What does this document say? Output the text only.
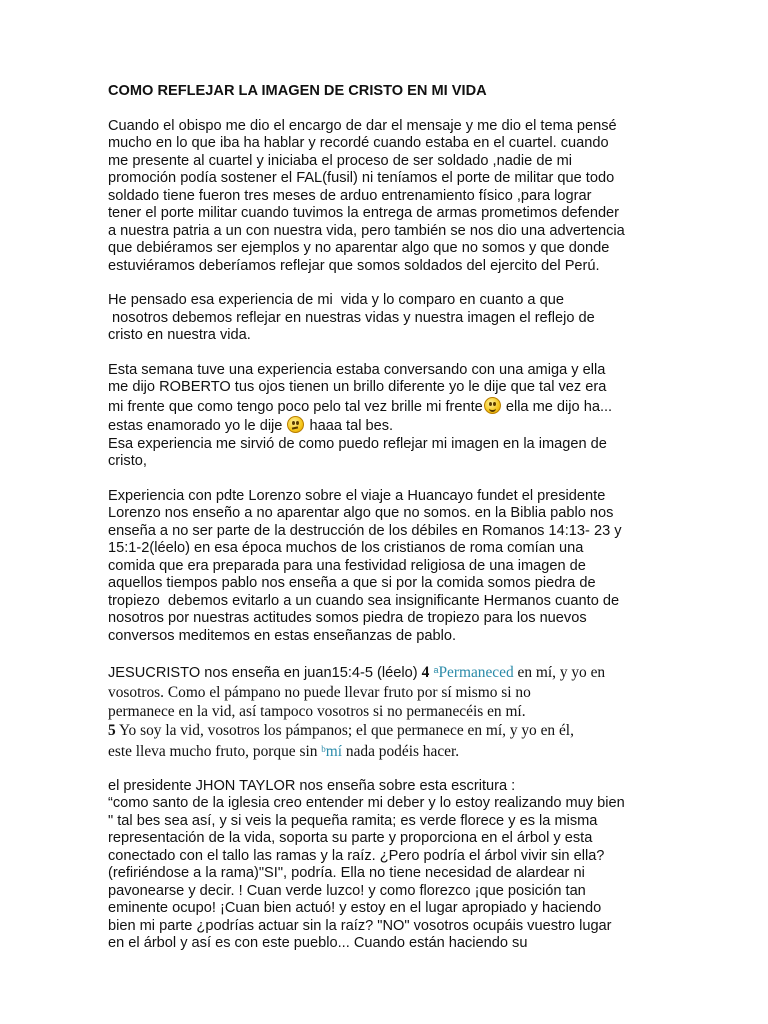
COMO REFLEJAR LA IMAGEN DE CRISTO EN MI VIDA

Cuando el obispo me dio el encargo de dar el mensaje y me dio el tema pensé
mucho en lo que iba ha hablar y recordé cuando estaba en el cuartel. cuando
me presente al cuartel y iniciaba el proceso de ser soldado ,nadie de mi
promoción podía sostener el FAL(fusil) ni teníamos el porte de militar que todo
soldado tiene fueron tres meses de arduo entrenamiento físico ,para lograr
tener el porte militar cuando tuvimos la entrega de armas prometimos defender
a nuestra patria a un con nuestra vida, pero también se nos dio una advertencia
que debiéramos ser ejemplos y no aparentar algo que no somos y que donde
estuviéramos deberíamos reflejar que somos soldados del ejercito del Perú.

He pensado esa experiencia de mi  vida y lo comparo en cuanto a que
nosotros debemos reflejar en nuestras vidas y nuestra imagen el reflejo de
cristo en nuestra vida.

Esta semana tuve una experiencia estaba conversando con una amiga y ella
me dijo ROBERTO tus ojos tienen un brillo diferente yo le dije que tal vez era
mi frente que como tengo poco pelo tal vez brille mi frente
ella me dijo ha...
estas enamorado yo le dije
haaa tal bes.
Esa experiencia me sirvió de como puedo reflejar mi imagen en la imagen de
cristo,

Experiencia con pdte Lorenzo sobre el viaje a Huancayo fundet el presidente
Lorenzo nos enseño a no aparentar algo que no somos. en la Biblia pablo nos
enseña a no ser parte de la destrucción de los débiles en Romanos 14:13- 23 y
15:1-2(léelo) en esa época muchos de los cristianos de roma comían una
comida que era preparada para una festividad religiosa de una imagen de
aquellos tiempos pablo nos enseña a que si por la comida somos piedra de
tropiezo  debemos evitarlo a un cuando sea insignificante Hermanos cuanto de
nosotros por nuestras actitudes somos piedra de tropiezo para los nuevos
conversos meditemos en estas enseñanzas de pablo.

JESUCRISTO nos enseña en juan15:4-5 (léelo) 4 $^a$Permaneced en mí, y yo en
vosotros. Como el pámpano no puede llevar fruto por sí mismo si no
permanece en la vid, así tampoco vosotros si no permanecéis en mí.
5 Yo soy la vid, vosotros los pámpanos; el que permanece en mí, y yo en él,
este lleva mucho fruto, porque sin $^b$mí nada podéis hacer.

el presidente JHON TAYLOR nos enseña sobre esta escritura :
“como santo de la iglesia creo entender mi deber y lo estoy realizando muy bien
" tal bes sea así, y si veis la pequeña ramita; es verde florece y es la misma
representación de la vida, soporta su parte y proporciona en el árbol y esta
conectado con el tallo las ramas y la raíz. ¿Pero podría el árbol vivir sin ella?
(refiriéndose a la rama)"SI", podría. Ella no tiene necesidad de alardear ni
pavonearse y decir. ! Cuan verde luzco! y como florezco ¡que posición tan
eminente ocupo! ¡Cuan bien actuó! y estoy en el lugar apropiado y haciendo
bien mi parte ¿podrías actuar sin la raíz? "NO" vosotros ocupáis vuestro lugar
en el árbol y así es con este pueblo... Cuando están haciendo su
